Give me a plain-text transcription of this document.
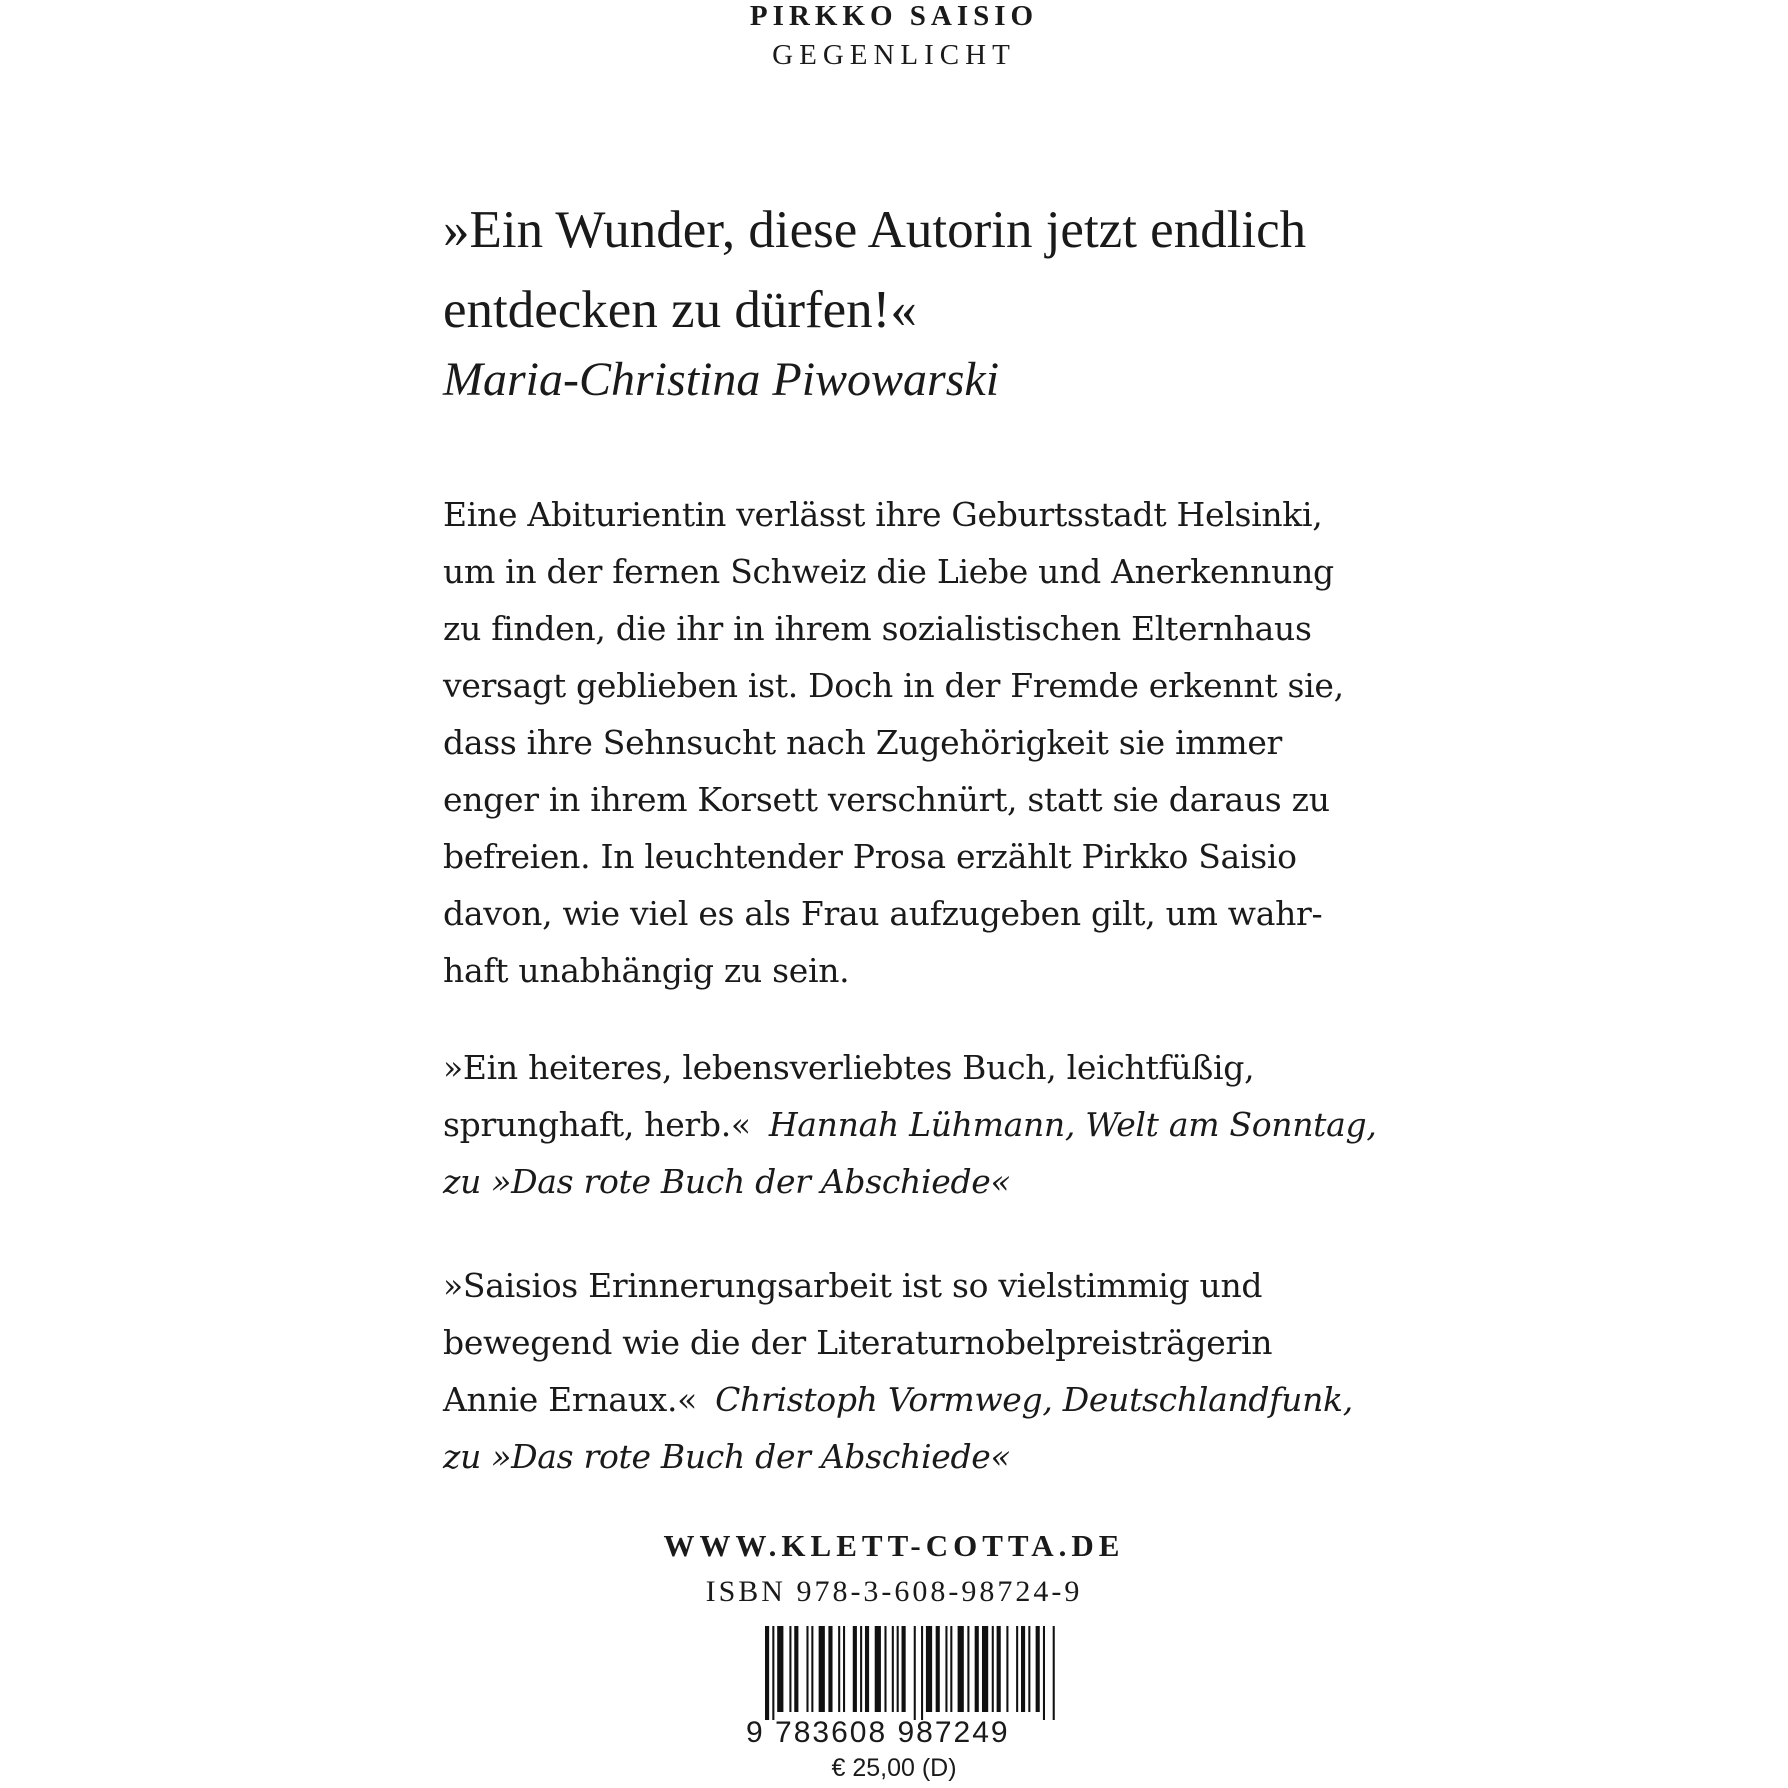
PIRKKO SAISIO
GEGENLICHT
»Ein Wunder, diese Autorin jetzt endlich
entdecken zu dürfen!«
Maria-Christina Piwowarski
Eine Abiturientin verlässt ihre Geburtsstadt Helsinki,
um in der fernen Schweiz die Liebe und Anerkennung
zu finden, die ihr in ihrem sozialistischen Elternhaus
versagt geblieben ist. Doch in der Fremde erkennt sie,
dass ihre Sehnsucht nach Zugehörigkeit sie immer
enger in ihrem Korsett verschnürt, statt sie daraus zu
befreien. In leuchtender Prosa erzählt Pirkko Saisio
davon, wie viel es als Frau aufzugeben gilt, um wahr-
haft unabhängig zu sein.
»Ein heiteres, lebensverliebtes Buch, leichtfüßig,
sprunghaft, herb.« Hannah Lühmann, Welt am Sonntag,
zu »Das rote Buch der Abschiede«
»Saisios Erinnerungsarbeit ist so vielstimmig und
bewegend wie die der Literaturnobelpreisträgerin
Annie Ernaux.« Christoph Vormweg, Deutschlandfunk,
zu »Das rote Buch der Abschiede«
WWW.KLETT-COTTA.DE
ISBN 978-3-608-98724-9
9 783608 987249
€ 25,00 (D)
